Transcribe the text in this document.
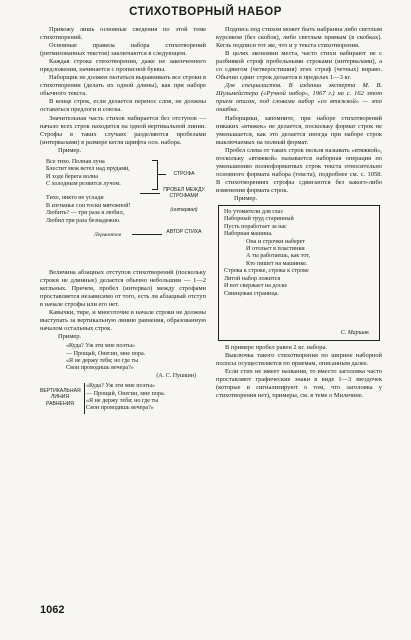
СТИХОТВОРНЫЙ НАБОР

Привожу лишь основные сведения по этой теме стихотворений.

Основные правила набора стихотворений (ритмизованных текстов) заключаются в следующем.

Каждая строка стихотворения, даже не законченного предложения, начинается с прописной буквы.

Наборщик не должен пытаться выравнивать все строки в стихотворении (делать их одной длины), как при наборе обычного текста.

В конце строк, если делается перенос слов, не должны оставаться предлоги и союзы.

Значительная часть стихов набирается без отступов — начало всех строк находится на одной вертикальной линии. Строфы в таких случаях разделяются пробелами (интервалами) в размере кегля шрифта осн. набора.

Пример.

Все тихо. Полная луна
Блестит меж ветел над прудами,
И ходе берега волна
С холодным резвится лучом.
Тихо, никто не услади
В изгнанье сон тоски мятежной!
Любить? — три раза я любил,
Любил три раза безнадежно.
СТРОФА
ПРОБЕЛ МЕЖДУ СТРОФАМИ
(интервал)
Лермонтов	АВТОР СТИХА

Величина абзацных отступов стихотворений (поскольку строки не длинные) делается обычно небольшим — 1—2 кегльных. Причем, пробел (интервал) между строфами проставляется независимо от того, есть ли абзацный отступ в начале строфы или его нет.

Кавычки, тире, и многоточие в начале строки не должны выступать за вертикальную линию равнения, образованную началом остальных строк.

Пример.

«Куда? Уж эти мне поэты»
— Прощай, Онегин, мне пора.
«Я не держу тебя; но где ты
Свои проводишь вечера?»
(А. С. Пушкин)
ВЕРТИКАЛЬНАЯ ЛИНИЯ РАВНЕНИЯ
«Куда? Уж эти мне поэты»
— Прощай, Онегин, мне пора.
«Я не держу тебя; но где ты
Свои проводишь вечера?»

Подпись под стихом может быть набранна либо светлым курсивом (без скобок), либо светлым прямым (в скобках). Кегль подписи тот же, что и у текста стихотворения.

В целях экономии места, часто стихи набирают не с разбивкой строф пробельными строками (интервалами), а со сдвигом (четверостишия) этих строф (четных) вправо. Обычно сдвиг строк делается в пределах 1—3 кг.

Для специалистов. В издании экстерта М. В. Шульмейстера («Ручной набор», 1967 г.) на с. 162 этот прием описан, под словами набор «со втяжкой» — это ошибка.

Наборщики, запомните, при наборе стихотворений никаких «втяжек» не делается, поскольку формат строк не уменьшается, как это делается иногда при наборе строк выключаемых на полный формат.

Пробел слева от таких строк нельзя называть «втяжкой», поскольку «втяжкой» называется наборная операция по уменьшению полноформатных строк текста относительно основного формата набора (текста), подробнее см. с. 1058. В стихотворениях строфы сдвигаются без какого-либо изменения формата строк.

Пример.

Но утомители для глаз
Наборный труд старинный
Пусть поработает за нас
Наборная машина.
Она и строчки наберет
И отольет в пластинки
А ты работаешь, как тот,
Кто пишет на машинке.
Строка к строке, строка к строке
Литой набор ложится
И вот свержает на доске
Свинцовая страница.
С. Маршак

В примере пробел равен 2 кг. набора.

Выключка такого стихотворения по ширине наборной полосы осуществляется по приемам, описанным далее.

Если стих не имеет названия, то вместо заголовка часто проставляют графические знаки в виде 1—3 звездочек (которые и сигнализируют о том, что заголовка у стихотворения нет), примеры, см. в теме о Мильчине.

1062
